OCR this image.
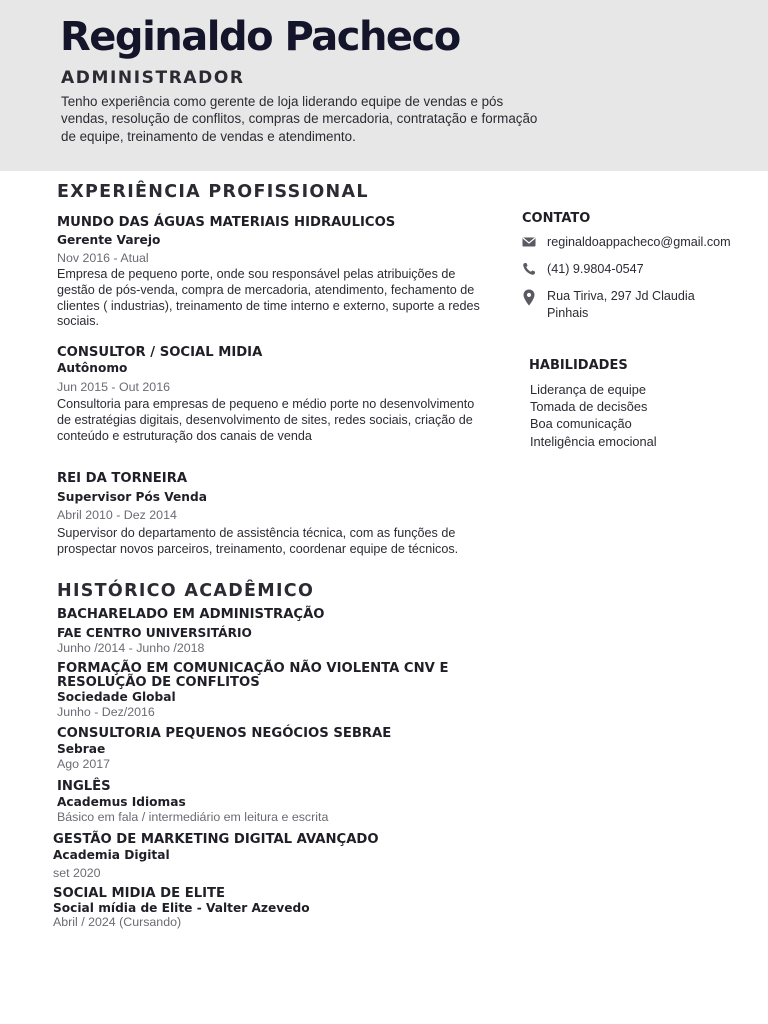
Reginaldo Pacheco
ADMINISTRADOR
Tenho experiência como gerente de loja liderando equipe de vendas e pós vendas, resolução de conflitos, compras de mercadoria, contratação e formação de equipe, treinamento de vendas e atendimento.
EXPERIÊNCIA PROFISSIONAL
MUNDO DAS ÁGUAS MATERIAIS HIDRAULICOS
Gerente Varejo
Nov 2016 - Atual
Empresa de pequeno porte, onde sou responsável pelas atribuições de gestão de pós-venda, compra de mercadoria, atendimento, fechamento de clientes ( industrias), treinamento de time interno e externo, suporte a redes sociais.
CONSULTOR / SOCIAL MIDIA
Autônomo
Jun 2015 - Out 2016
Consultoria para empresas de pequeno e médio porte no desenvolvimento de estratégias digitais, desenvolvimento de sites, redes sociais, criação de conteúdo e estruturação dos canais de venda
REI DA TORNEIRA
Supervisor Pós Venda
Abril 2010 - Dez 2014
Supervisor do departamento de assistência técnica, com as funções de prospectar novos parceiros, treinamento, coordenar equipe de técnicos.
HISTÓRICO ACADÊMICO
BACHARELADO EM ADMINISTRAÇÃO
FAE CENTRO UNIVERSITÁRIO
Junho /2014 - Junho /2018
FORMAÇÃO EM COMUNICAÇÃO NÃO VIOLENTA CNV E RESOLUÇÃO DE CONFLITOS
Sociedade Global
Junho - Dez/2016
CONSULTORIA PEQUENOS NEGÓCIOS SEBRAE
Sebrae
Ago 2017
INGLÊS
Academus Idiomas
Básico em fala / intermediário em leitura e escrita
GESTÃO DE MARKETING DIGITAL AVANÇADO
Academia Digital
set 2020
SOCIAL MIDIA DE ELITE
Social mídia de Elite - Valter Azevedo
Abril / 2024 (Cursando)
CONTATO
reginaldoappacheco@gmail.com
(41) 9.9804-0547
Rua Tiriva, 297 Jd Claudia Pinhais
HABILIDADES
Liderança de equipe
Tomada de decisões
Boa comunicação
Inteligência emocional
